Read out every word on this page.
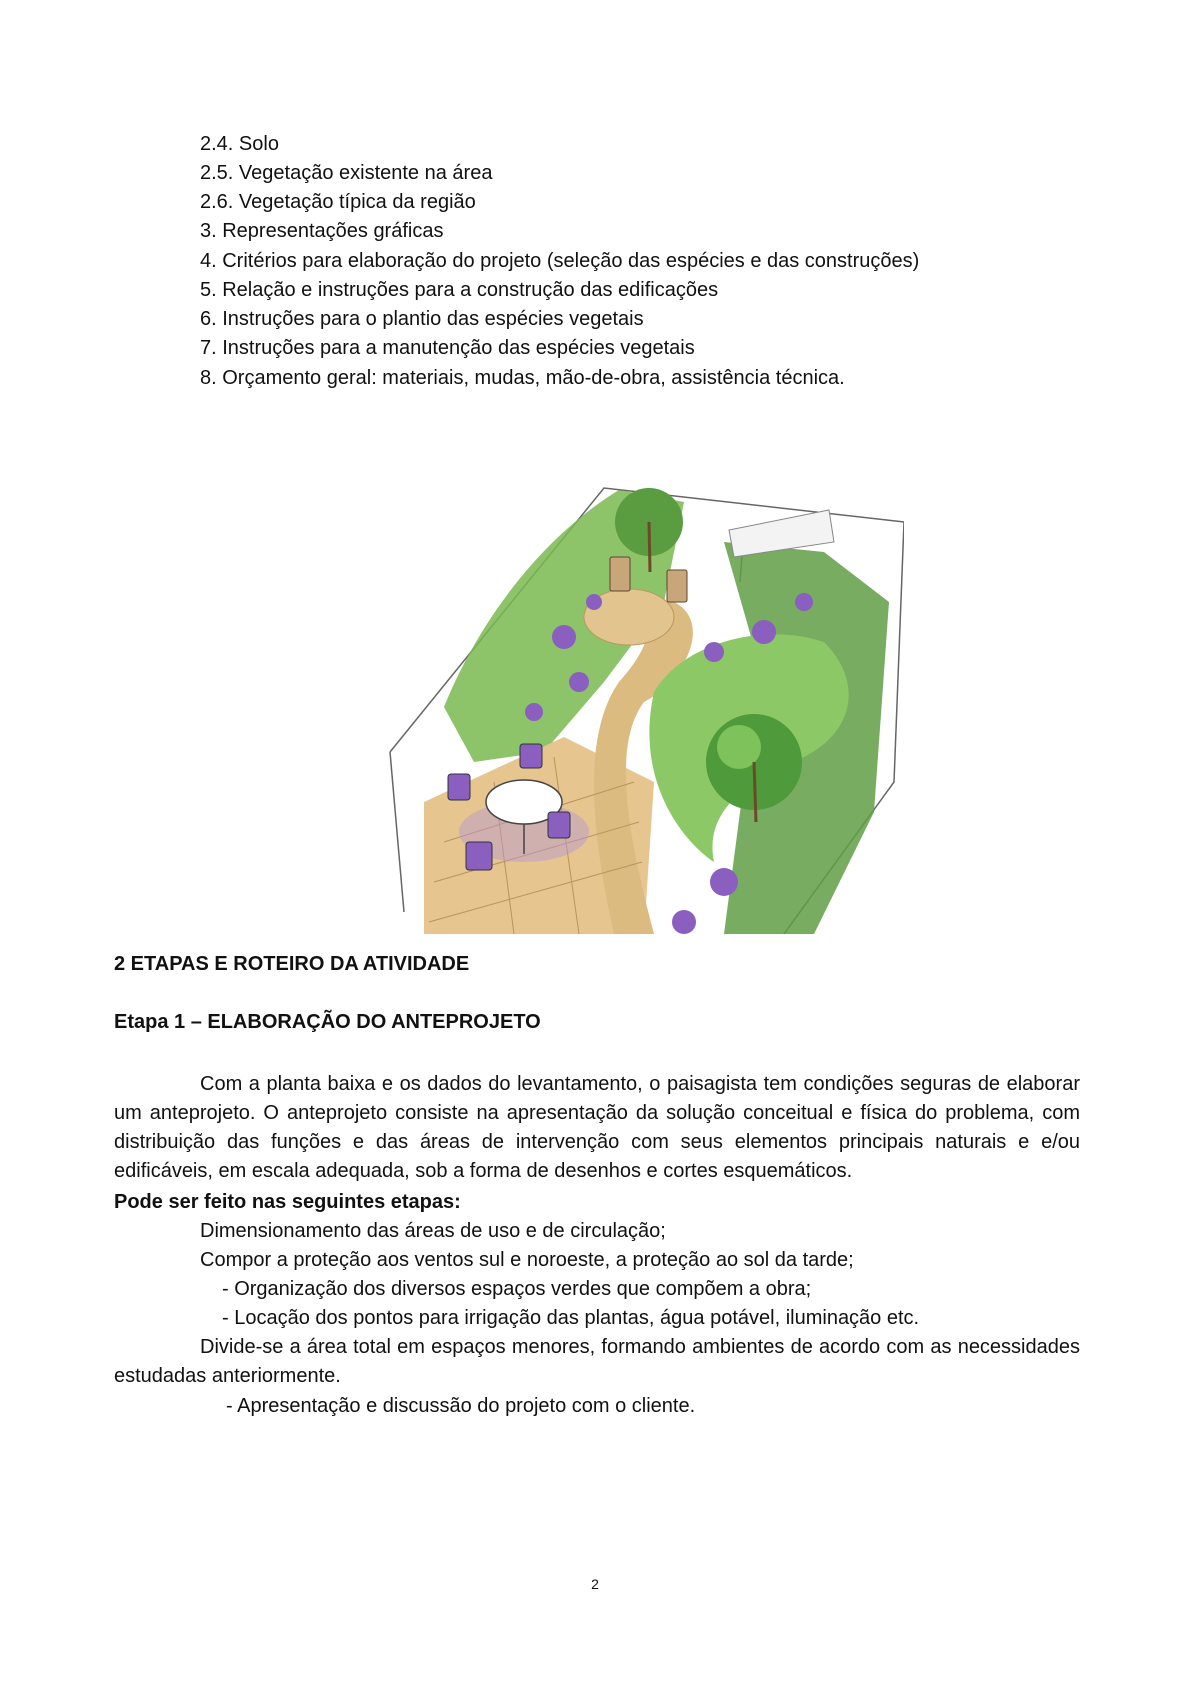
2.4. Solo
2.5. Vegetação existente na área
2.6. Vegetação típica da região
3. Representações gráficas
4. Critérios para elaboração do projeto (seleção das espécies e das construções)
5. Relação e instruções para a construção das edificações
6. Instruções para o plantio das espécies vegetais
7. Instruções para a manutenção das espécies vegetais
8. Orçamento geral: materiais, mudas, mão-de-obra, assistência técnica.
2 ETAPAS E ROTEIRO DA ATIVIDADE
Etapa 1 – ELABORAÇÃO DO ANTEPROJETO
Com a planta baixa e os dados do levantamento, o paisagista tem condições seguras de elaborar um anteprojeto. O anteprojeto consiste na apresentação da solução conceitual e física do problema, com distribuição das funções e das áreas de intervenção com seus elementos principais naturais e e/ou edificáveis, em escala adequada, sob a forma de desenhos e cortes esquemáticos.
Pode ser feito nas seguintes etapas:
Dimensionamento das áreas de uso e de circulação;
Compor a proteção aos ventos sul e noroeste, a proteção ao sol da tarde;
- Organização dos diversos espaços verdes que compõem a obra;
- Locação dos pontos para irrigação das plantas, água potável, iluminação etc.
Divide-se a área total em espaços menores, formando ambientes de acordo com as necessidades estudadas anteriormente.
- Apresentação e discussão do projeto com o cliente.
2
